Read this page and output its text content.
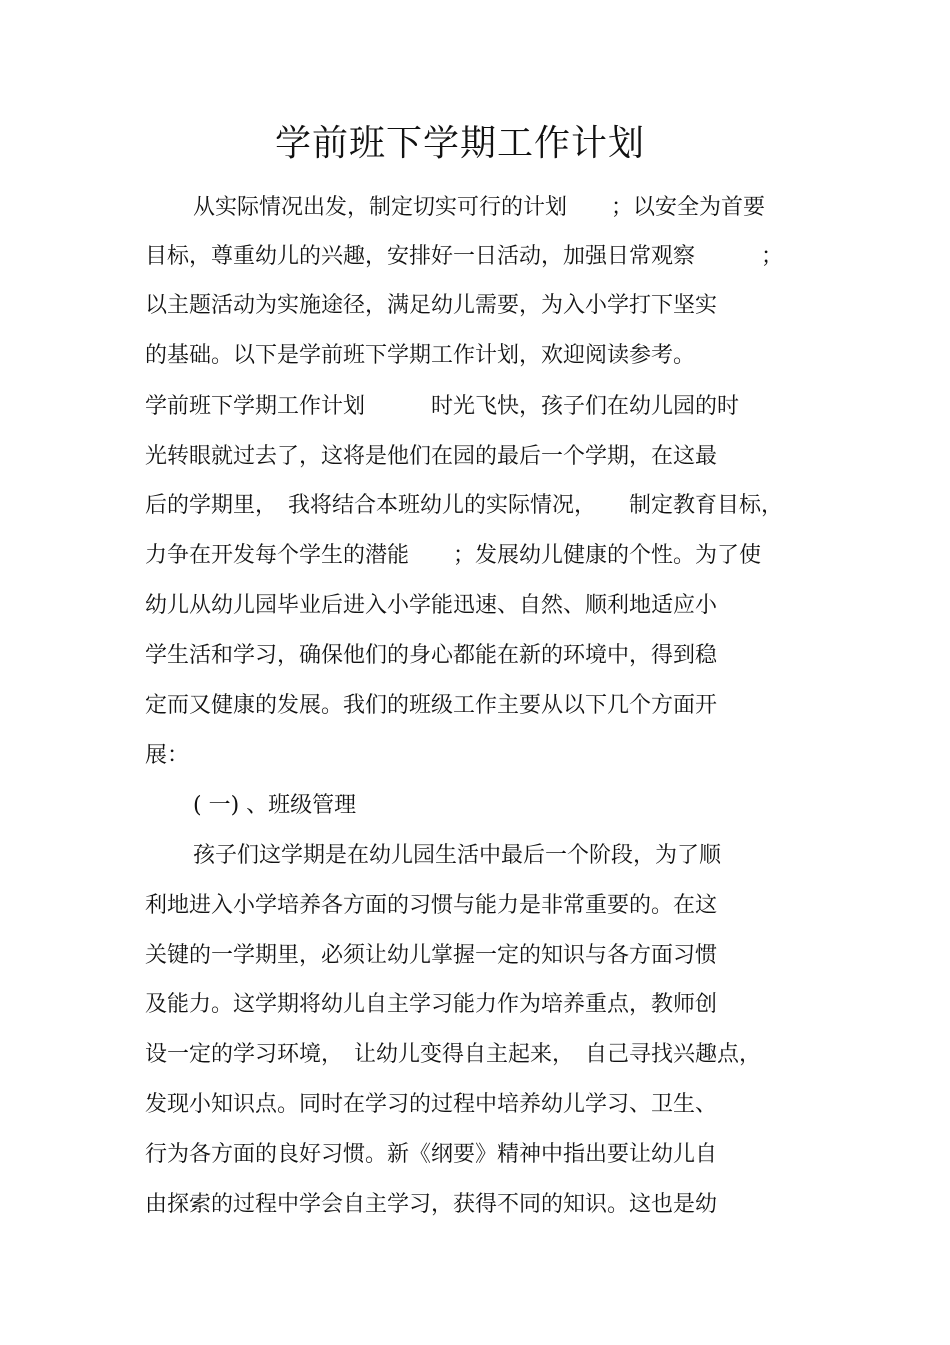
学前班下学期工作计划
从实际情况出发，制定切实可行的计划　　；以安全为首要
目标，尊重幼儿的兴趣，安排好一日活动，加强日常观察　　　；
以主题活动为实施途径，满足幼儿需要，为入小学打下坚实
的基础。以下是学前班下学期工作计划，欢迎阅读参考。
学前班下学期工作计划　　　时光飞快，孩子们在幼儿园的时
光转眼就过去了，这将是他们在园的最后一个学期，在这最
后的学期里，　我将结合本班幼儿的实际情况，　　制定教育目标，
力争在开发每个学生的潜能　　；发展幼儿健康的个性。为了使
幼儿从幼儿园毕业后进入小学能迅速、自然、顺利地适应小
学生活和学习，确保他们的身心都能在新的环境中，得到稳
定而又健康的发展。我们的班级工作主要从以下几个方面开
展：
( 一) 、班级管理
孩子们这学期是在幼儿园生活中最后一个阶段，为了顺
利地进入小学培养各方面的习惯与能力是非常重要的。在这
关键的一学期里，必须让幼儿掌握一定的知识与各方面习惯
及能力。这学期将幼儿自主学习能力作为培养重点，教师创
设一定的学习环境，　让幼儿变得自主起来，　自己寻找兴趣点，
发现小知识点。同时在学习的过程中培养幼儿学习、卫生、
行为各方面的良好习惯。新《纲要》精神中指出要让幼儿自
由探索的过程中学会自主学习，获得不同的知识。这也是幼
